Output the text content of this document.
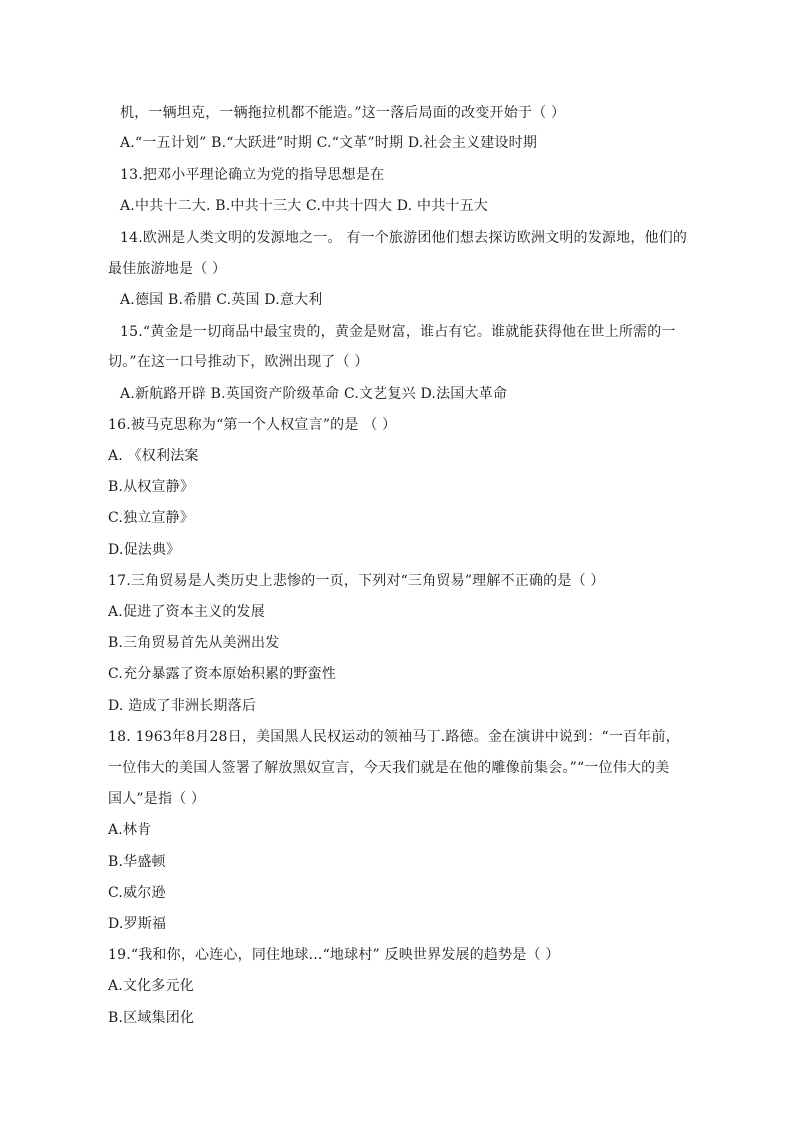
机，一辆坦克，一辆拖拉机都不能造。”这一落后局面的改变开始于（ ）
A.“一五计划” B.“大跃进”时期 C.“文革”时期 D.社会主义建设时期
13.把邓小平理论确立为党的指导思想是在
A.中共十二大. B.中共十三大 C.中共十四大 D. 中共十五大
14.欧洲是人类文明的发源地之一。 有一个旅游团他们想去探访欧洲文明的发源地，他们的
最佳旅游地是（ ）
A.德国 B.希腊 C.英国 D.意大利
15.“黄金是一切商品中最宝贵的，黄金是财富，谁占有它。谁就能获得他在世上所需的一
切。”在这一口号推动下，欧洲出现了（ ）
A.新航路开辟 B.英国资产阶级革命 C.文艺复兴 D.法国大革命
16.被马克思称为“第一个人权宣言”的是 （ ）
A. 《权利法案
B.从权宣静》
C.独立宣静》
D.促法典》
17.三角贸易是人类历史上悲惨的一页，下列对“三角贸易”理解不正确的是（ ）
A.促进了资本主义的发展
B.三角贸易首先从美洲出发
C.充分暴露了资本原始积累的野蛮性
D. 造成了非洲长期落后
18. 1963年8月28日，美国黑人民权运动的领袖马丁.路德。金在演讲中说到：“一百年前，
一位伟大的美国人签署了解放黑奴宣言，今天我们就是在他的雕像前集会。”“一位伟大的美
国人”是指（ ）
A.林肯
B.华盛顿
C.威尔逊
D.罗斯福
19.“我和你，心连心，同住地球...“地球村” 反映世界发展的趋势是（ ）
A.文化多元化
B.区域集团化
